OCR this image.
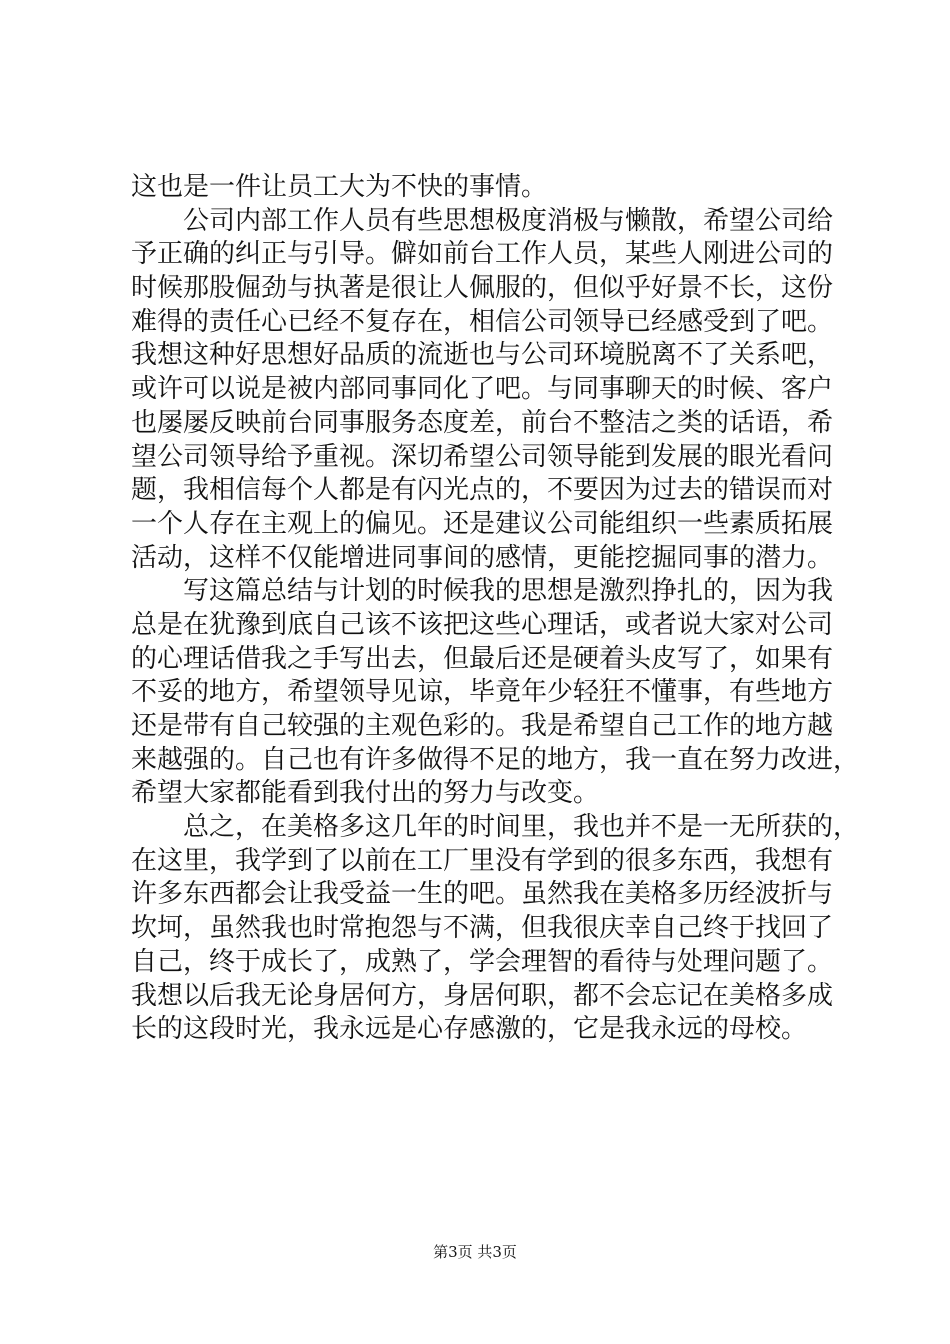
这也是一件让员工大为不快的事情。
公司内部工作人员有些思想极度消极与懒散，希望公司给
予正确的纠正与引导。僻如前台工作人员，某些人刚进公司的
时候那股倔劲与执著是很让人佩服的，但似乎好景不长，这份
难得的责任心已经不复存在，相信公司领导已经感受到了吧。
我想这种好思想好品质的流逝也与公司环境脱离不了关系吧，
或许可以说是被内部同事同化了吧。与同事聊天的时候、客户
也屡屡反映前台同事服务态度差，前台不整洁之类的话语，希
望公司领导给予重视。深切希望公司领导能到发展的眼光看问
题，我相信每个人都是有闪光点的，不要因为过去的错误而对
一个人存在主观上的偏见。还是建议公司能组织一些素质拓展
活动，这样不仅能增进同事间的感情，更能挖掘同事的潜力。
写这篇总结与计划的时候我的思想是激烈挣扎的，因为我
总是在犹豫到底自己该不该把这些心理话，或者说大家对公司
的心理话借我之手写出去，但最后还是硬着头皮写了，如果有
不妥的地方，希望领导见谅，毕竟年少轻狂不懂事，有些地方
还是带有自己较强的主观色彩的。我是希望自己工作的地方越
来越强的。自己也有许多做得不足的地方，我一直在努力改进，
希望大家都能看到我付出的努力与改变。
总之，在美格多这几年的时间里，我也并不是一无所获的，
在这里，我学到了以前在工厂里没有学到的很多东西，我想有
许多东西都会让我受益一生的吧。虽然我在美格多历经波折与
坎坷，虽然我也时常抱怨与不满，但我很庆幸自己终于找回了
自己，终于成长了，成熟了，学会理智的看待与处理问题了。
我想以后我无论身居何方，身居何职，都不会忘记在美格多成
长的这段时光，我永远是心存感激的，它是我永远的母校。
第3页 共3页
